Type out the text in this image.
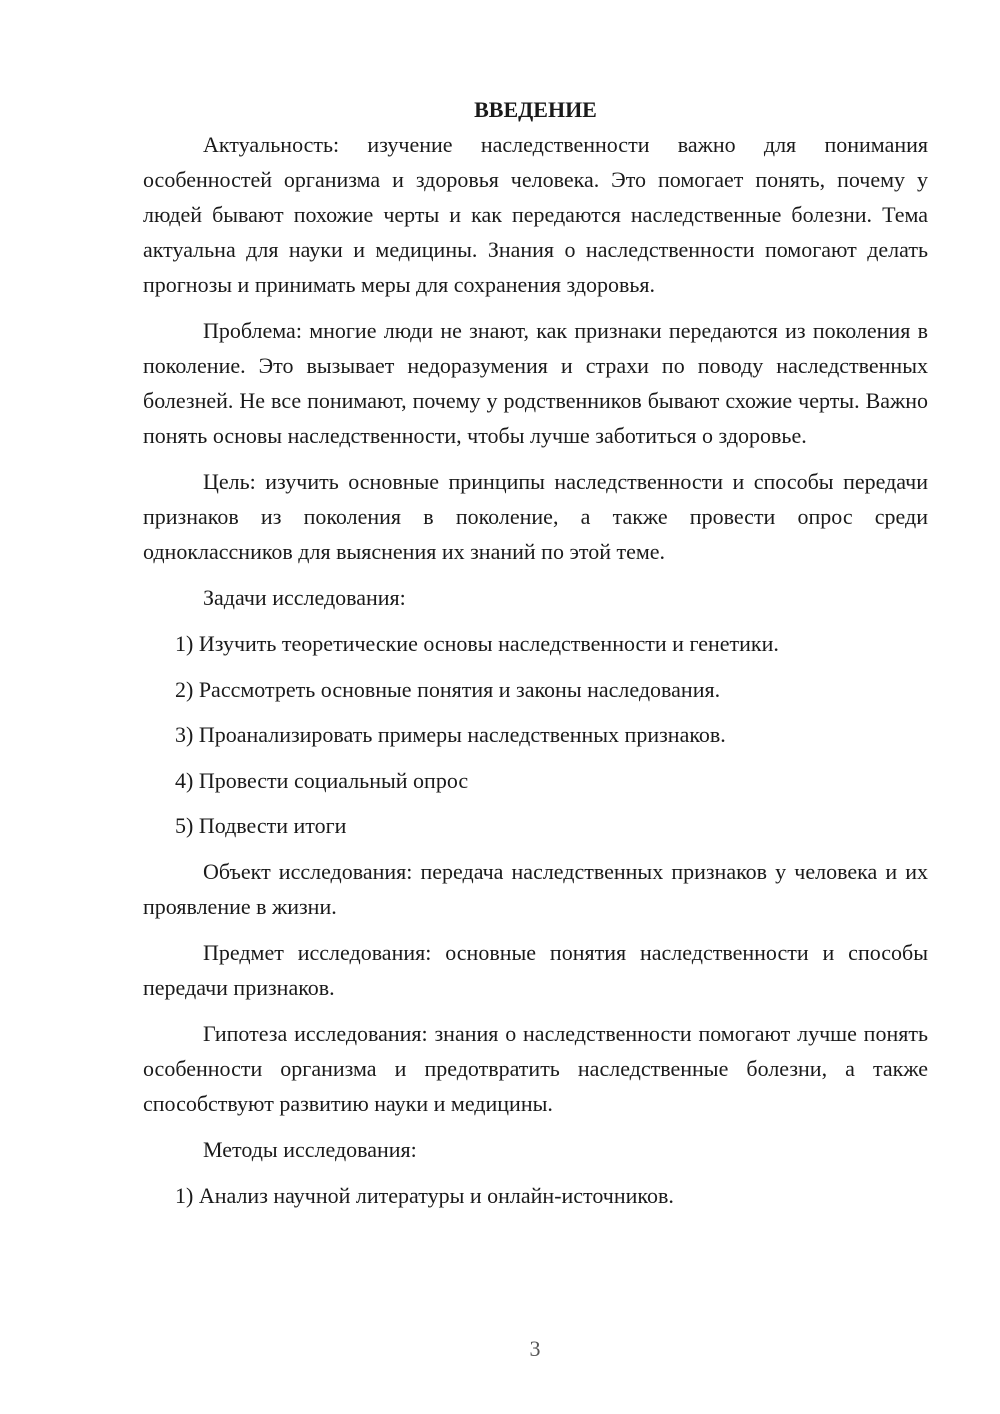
ВВЕДЕНИЕ

Актуальность: изучение наследственности важно для понимания особенностей организма и здоровья человека. Это помогает понять, почему у людей бывают похожие черты и как передаются наследственные болезни. Тема актуальна для науки и медицины. Знания о наследственности помогают делать прогнозы и принимать меры для сохранения здоровья.

Проблема: многие люди не знают, как признаки передаются из поколения в поколение. Это вызывает недоразумения и страхи по поводу наследственных болезней. Не все понимают, почему у родственников бывают схожие черты. Важно понять основы наследственности, чтобы лучше заботиться о здоровье.

Цель: изучить основные принципы наследственности и способы передачи признаков из поколения в поколение, а также провести опрос среди одноклассников для выяснения их знаний по этой теме.

Задачи исследования:

1) Изучить теоретические основы наследственности и генетики.

2) Рассмотреть основные понятия и законы наследования.

3) Проанализировать примеры наследственных признаков.

4) Провести социальный опрос

5) Подвести итоги

Объект исследования: передача наследственных признаков у человека и их проявление в жизни.

Предмет исследования: основные понятия наследственности и способы передачи признаков.

Гипотеза исследования: знания о наследственности помогают лучше понять особенности организма и предотвратить наследственные болезни, а также способствуют развитию науки и медицины.

Методы исследования:

1) Анализ научной литературы и онлайн-источников.

3
